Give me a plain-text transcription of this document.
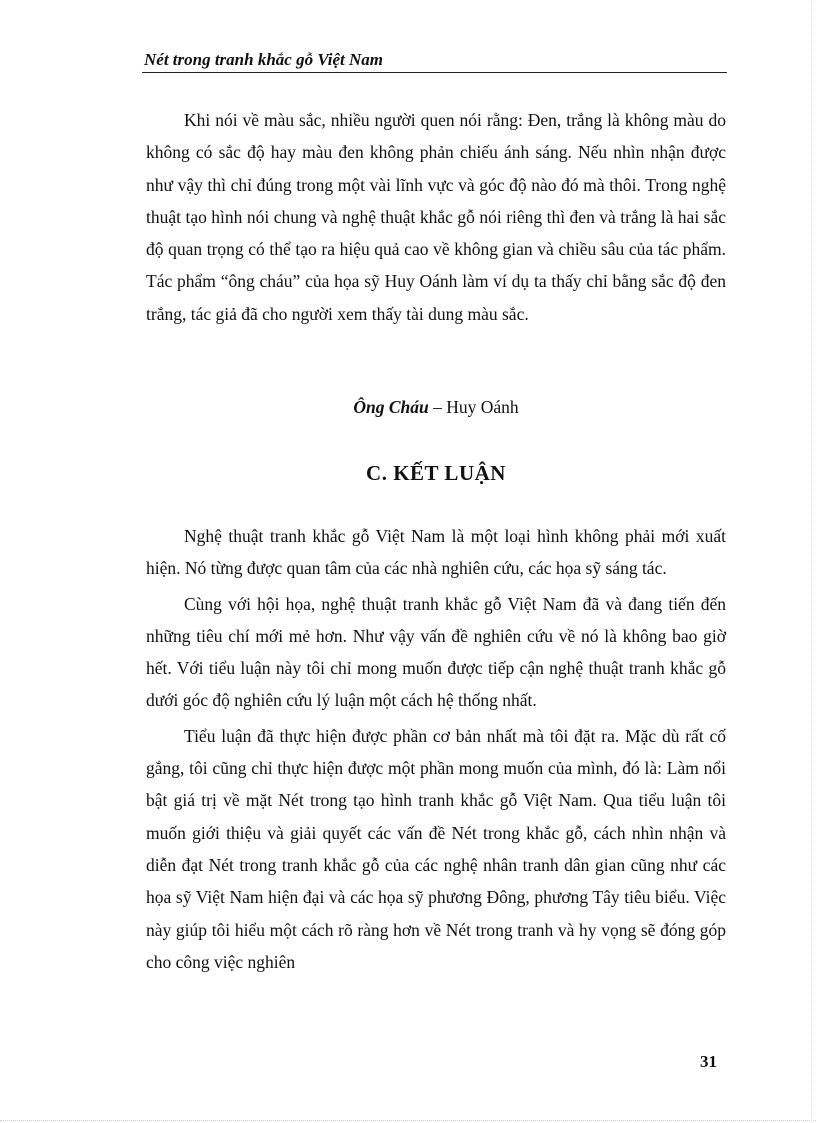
Nét trong tranh khắc gỗ Việt Nam

Khi nói về màu sắc, nhiều người quen nói rằng: Đen, trắng là không màu do không có sắc độ hay màu đen không phản chiếu ánh sáng. Nếu nhìn nhận được như vậy thì chỉ đúng trong một vài lĩnh vực và góc độ nào đó mà thôi. Trong nghệ thuật tạo hình nói chung và nghệ thuật khắc gỗ nói riêng thì đen và trắng là hai sắc độ quan trọng có thể tạo ra hiệu quả cao về không gian và chiều sâu của tác phẩm. Tác phẩm “ông cháu” của họa sỹ Huy Oánh làm ví dụ ta thấy chỉ bằng sắc độ đen trắng, tác giả đã cho người xem thấy tài dung màu sắc.

Ông Cháu – Huy Oánh
C. KẾT LUẬN

Nghệ thuật tranh khắc gỗ Việt Nam là một loại hình không phải mới xuất hiện. Nó từng được quan tâm của các nhà nghiên cứu, các họa sỹ sáng tác.

Cùng với hội họa, nghệ thuật tranh khắc gỗ Việt Nam đã và đang tiến đến những tiêu chí mới mẻ hơn. Như vậy vấn đề nghiên cứu về nó là không bao giờ hết. Với tiểu luận này tôi chỉ mong muốn được tiếp cận nghệ thuật tranh khắc gỗ dưới góc độ nghiên cứu lý luận một cách hệ thống nhất.

Tiểu luận đã thực hiện được phần cơ bản nhất mà tôi đặt ra. Mặc dù rất cố gắng, tôi cũng chỉ thực hiện được một phần mong muốn của mình, đó là: Làm nổi bật giá trị về mặt Nét trong tạo hình tranh khắc gỗ Việt Nam. Qua tiểu luận tôi muốn giới thiệu và giải quyết các vấn đề Nét trong khắc gỗ, cách nhìn nhận và diễn đạt Nét trong tranh khắc gỗ của các nghệ nhân tranh dân gian cũng như các họa sỹ Việt Nam hiện đại và các họa sỹ phương Đông, phương Tây tiêu biểu. Việc này giúp tôi hiểu một cách rõ ràng hơn về Nét trong tranh và hy vọng sẽ đóng góp cho công việc nghiên

31
